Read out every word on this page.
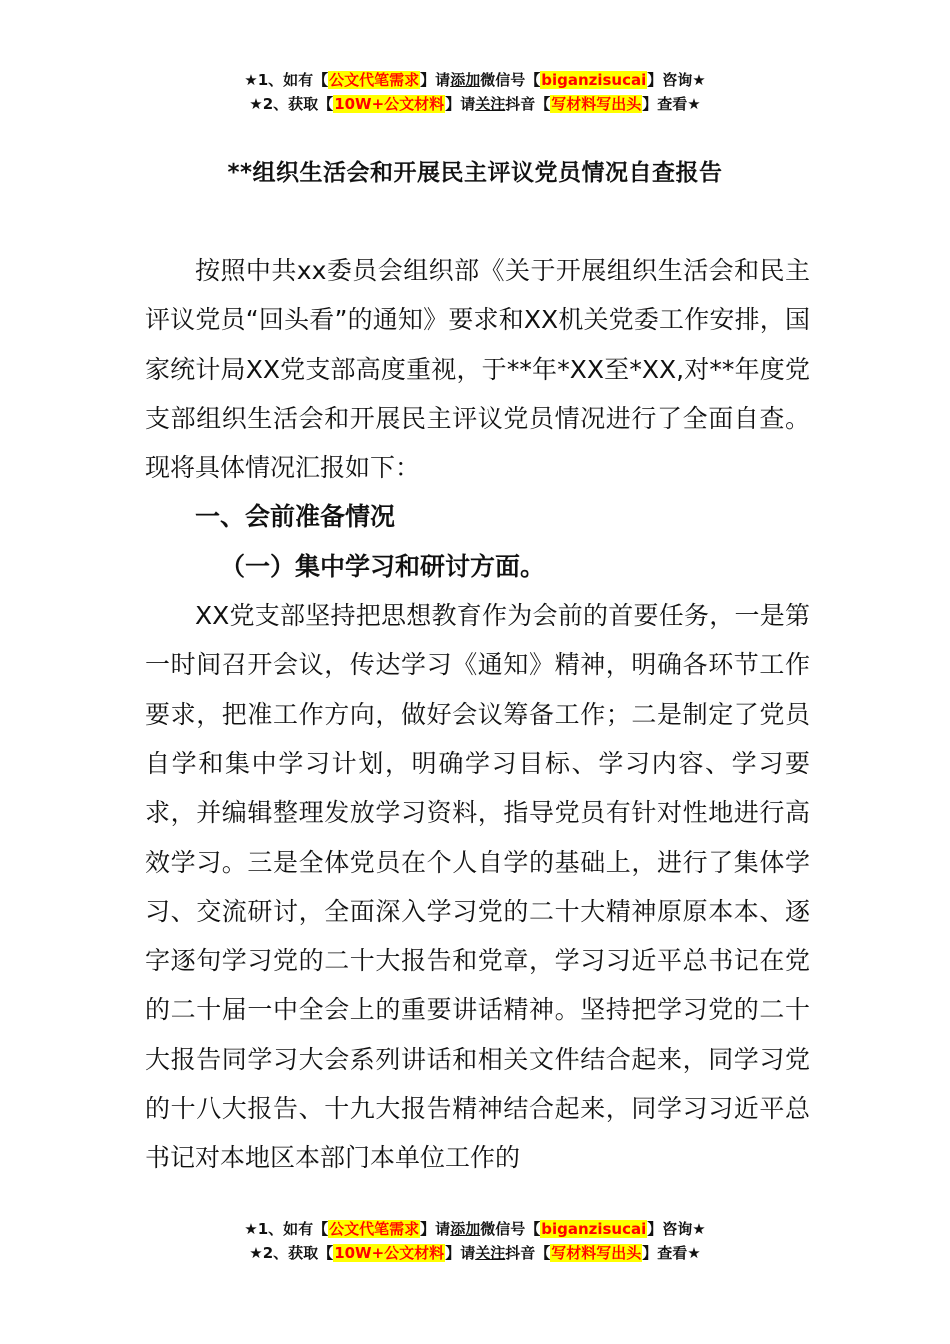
★1、如有【公文代笔需求】请添加微信号【biganzisucai】咨询★
★2、获取【10W+公文材料】请关注抖音【写材料写出头】查看★
**组织生活会和开展民主评议党员情况自查报告

按照中共xx委员会组织部《关于开展组织生活会和民主评议党员“回头看”的通知》要求和XX机关党委工作安排，国家统计局XX党支部高度重视，于**年*XX至*XX,对**年度党支部组织生活会和开展民主评议党员情况进行了全面自查。现将具体情况汇报如下：

一、会前准备情况

（一）集中学习和研讨方面。

XX党支部坚持把思想教育作为会前的首要任务，一是第一时间召开会议，传达学习《通知》精神，明确各环节工作要求，把准工作方向，做好会议筹备工作；二是制定了党员自学和集中学习计划，明确学习目标、学习内容、学习要求，并编辑整理发放学习资料，指导党员有针对性地进行高效学习。三是全体党员在个人自学的基础上，进行了集体学习、交流研讨，全面深入学习党的二十大精神原原本本、逐字逐句学习党的二十大报告和党章，学习习近平总书记在党的二十届一中全会上的重要讲话精神。坚持把学习党的二十大报告同学习大会系列讲话和相关文件结合起来，同学习党的十八大报告、十九大报告精神结合起来，同学习习近平总书记对本地区本部门本单位工作的

★1、如有【公文代笔需求】请添加微信号【biganzisucai】咨询★
★2、获取【10W+公文材料】请关注抖音【写材料写出头】查看★
